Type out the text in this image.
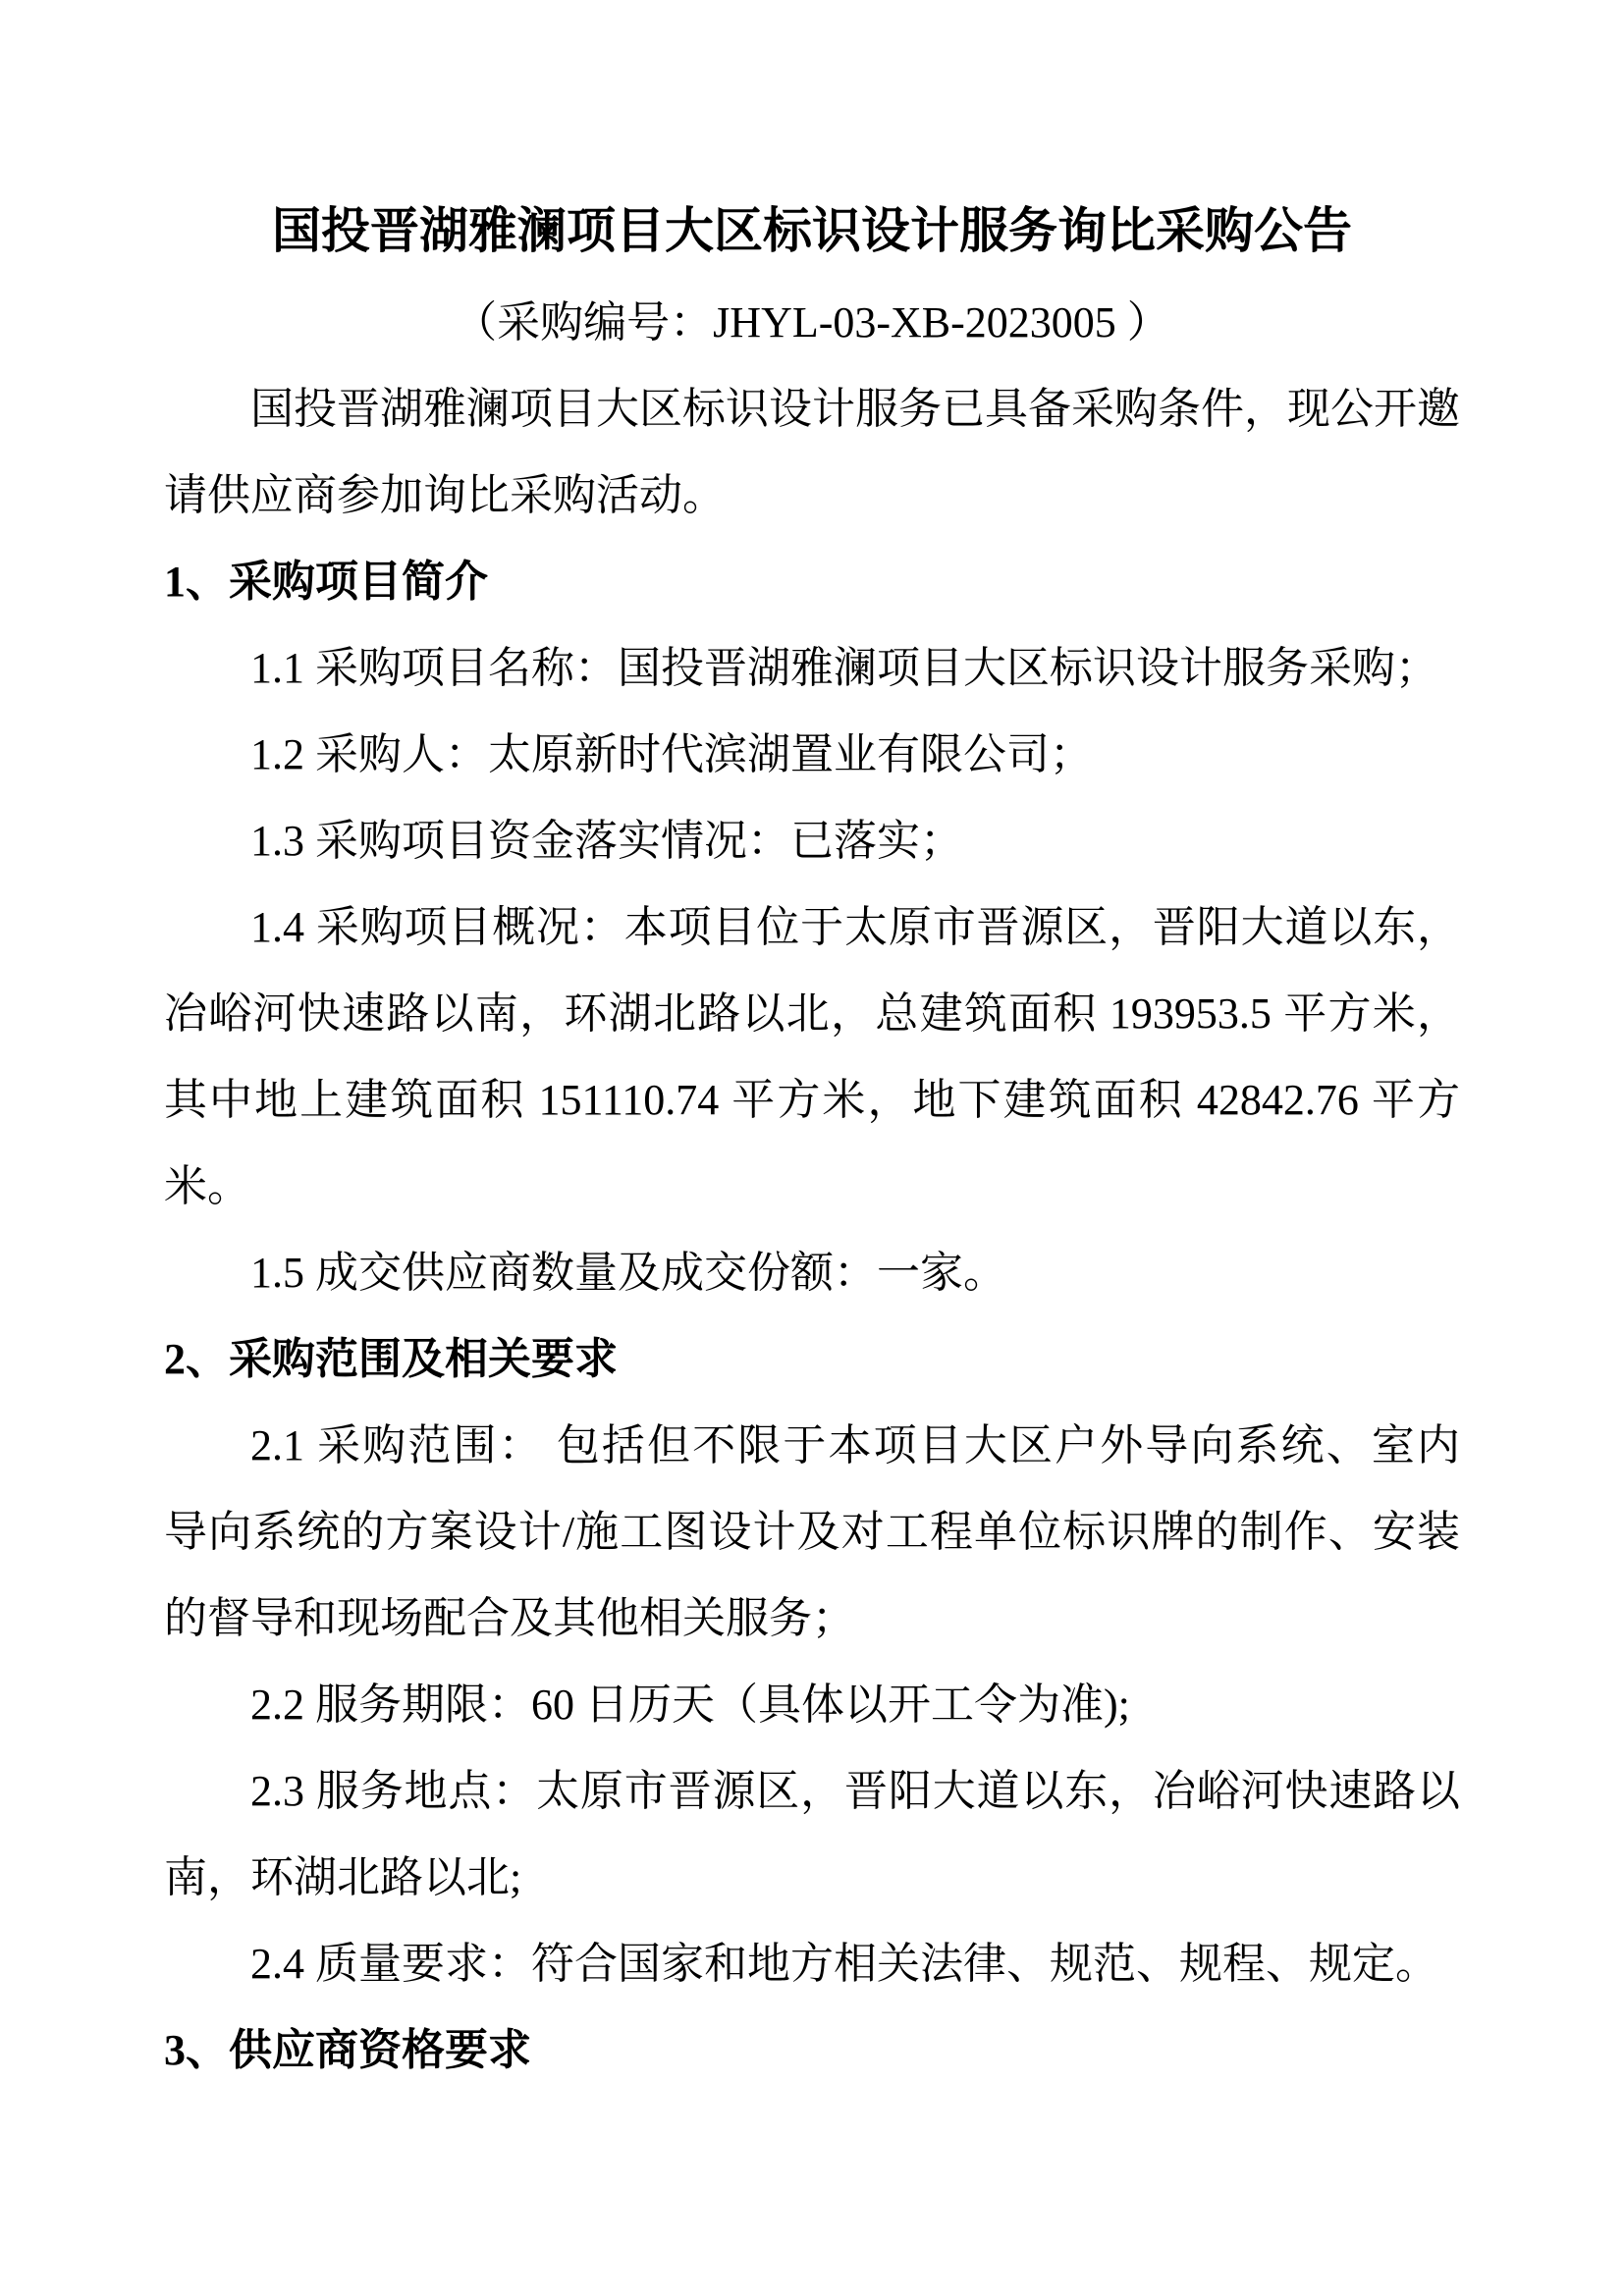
国投晋湖雅澜项目大区标识设计服务询比采购公告
（采购编号：JHYL-03-XB-2023005 ）
国投晋湖雅澜项目大区标识设计服务已具备采购条件，现公开邀
请供应商参加询比采购活动。
1、采购项目简介
1.1 采购项目名称：国投晋湖雅澜项目大区标识设计服务采购；
1.2 采购人：太原新时代滨湖置业有限公司；
1.3 采购项目资金落实情况：已落实；
1.4 采购项目概况：本项目位于太原市晋源区，晋阳大道以东，
冶峪河快速路以南，环湖北路以北，总建筑面积 193953.5 平方米，
其中地上建筑面积 151110.74 平方米，地下建筑面积 42842.76 平方
米。
1.5 成交供应商数量及成交份额：一家。
2、采购范围及相关要求
2.1 采购范围： 包括但不限于本项目大区户外导向系统、室内
导向系统的方案设计/施工图设计及对工程单位标识牌的制作、安装
的督导和现场配合及其他相关服务；
2.2 服务期限：60 日历天（具体以开工令为准);
2.3 服务地点：太原市晋源区，晋阳大道以东，冶峪河快速路以
南，环湖北路以北;
2.4 质量要求：符合国家和地方相关法律、规范、规程、规定。
3、供应商资格要求
